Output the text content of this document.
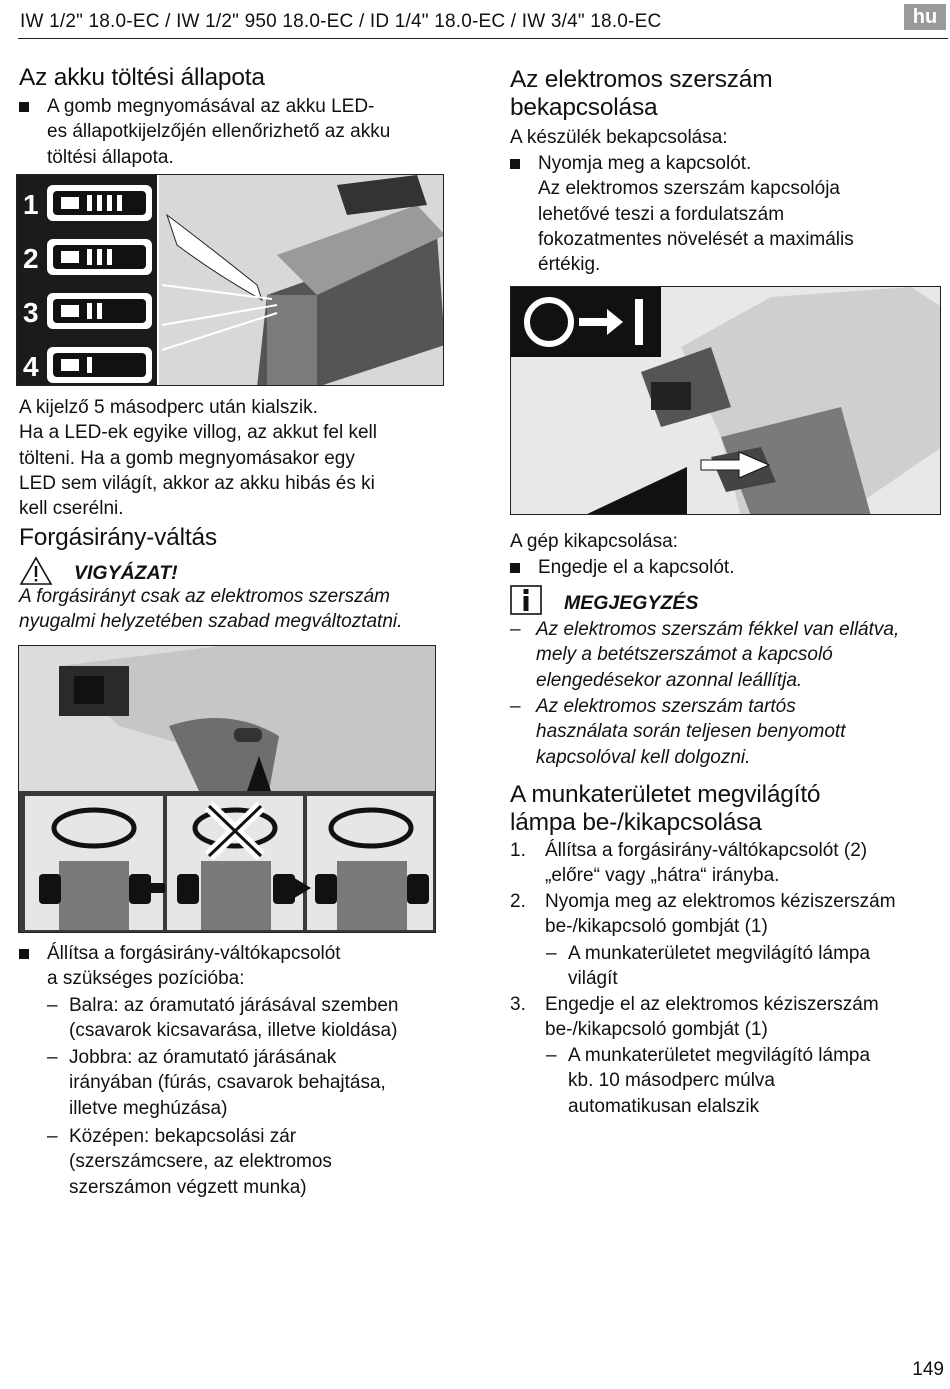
IW 1/2" 18.0-EC / IW 1/2" 950 18.0-EC / ID 1/4" 18.0-EC / IW 3/4" 18.0-EC	hu
Az akku töltési állapota
A gomb megnyomásával az akku LED-
es állapotkijelzőjén ellenőrizhető az akku
töltési állapota.
1
2
3
4
A kijelző 5 másodperc után kialszik.
Ha a LED-ek egyike villog, az akkut fel kell
tölteni. Ha a gomb megnyomásakor egy
LED sem világít, akkor az akku hibás és ki
kell cserélni.
Forgásirány-váltás
VIGYÁZAT!
A forgásirányt csak az elektromos szerszám
nyugalmi helyzetében szabad megváltoztatni.
Állítsa a forgásirány-váltókapcsolót
a szükséges pozícióba:
– Balra: az óramutató járásával szemben
(csavarok kicsavarása, illetve kioldása)
– Jobbra: az óramutató járásának
irányában (fúrás, csavarok behajtása,
illetve meghúzása)
– Középen: bekapcsolási zár
(szerszámcsere, az elektromos
szerszámon végzett munka)
Az elektromos szerszám
bekapcsolása
A készülék bekapcsolása:
Nyomja meg a kapcsolót.
Az elektromos szerszám kapcsolója
lehetővé teszi a fordulatszám
fokozatmentes növelését a maximális
értékig.
A gép kikapcsolása:
Engedje el a kapcsolót.
MEGJEGYZÉS
– Az elektromos szerszám fékkel van ellátva,
mely a betétszerszámot a kapcsoló
elengedésekor azonnal leállítja.
– Az elektromos szerszám tartós
használata során teljesen benyomott
kapcsolóval kell dolgozni.
A munkaterületet megvilágító
lámpa be-/kikapcsolása
1. Állítsa a forgásirány-váltókapcsolót (2)
„előre“ vagy „hátra“ irányba.
2. Nyomja meg az elektromos kéziszerszám
be-/kikapcsoló gombját (1)
– A munkaterületet megvilágító lámpa
világít
3. Engedje el az elektromos kéziszerszám
be-/kikapcsoló gombját (1)
– A munkaterületet megvilágító lámpa
kb. 10 másodperc múlva
automatikusan elalszik
149
